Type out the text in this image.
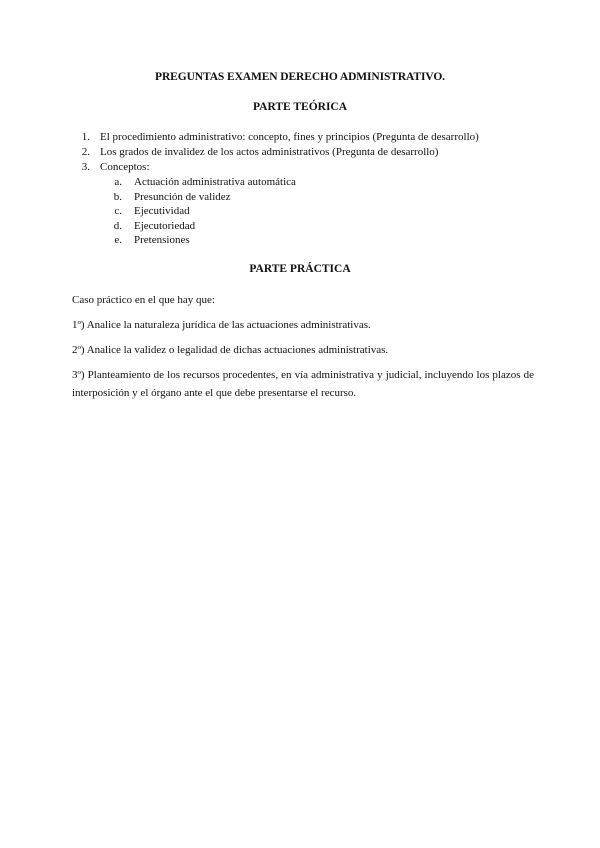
PREGUNTAS EXAMEN DERECHO ADMINISTRATIVO.
PARTE TEÓRICA
1. El procedimiento administrativo: concepto, fines y principios (Pregunta de desarrollo)
2. Los grados de invalidez de los actos administrativos (Pregunta de desarrollo)
3. Conceptos:
a. Actuación administrativa automática
b. Presunción de validez
c. Ejecutividad
d. Ejecutoriedad
e. Pretensiones
PARTE PRÁCTICA
Caso práctico en el que hay que:
1º) Analice la naturaleza jurídica de las actuaciones administrativas.
2º) Analice la validez o legalidad de dichas actuaciones administrativas.
3º) Planteamiento de los recursos procedentes, en vía administrativa y judicial, incluyendo los plazos de interposición y el órgano ante el que debe presentarse el recurso.
